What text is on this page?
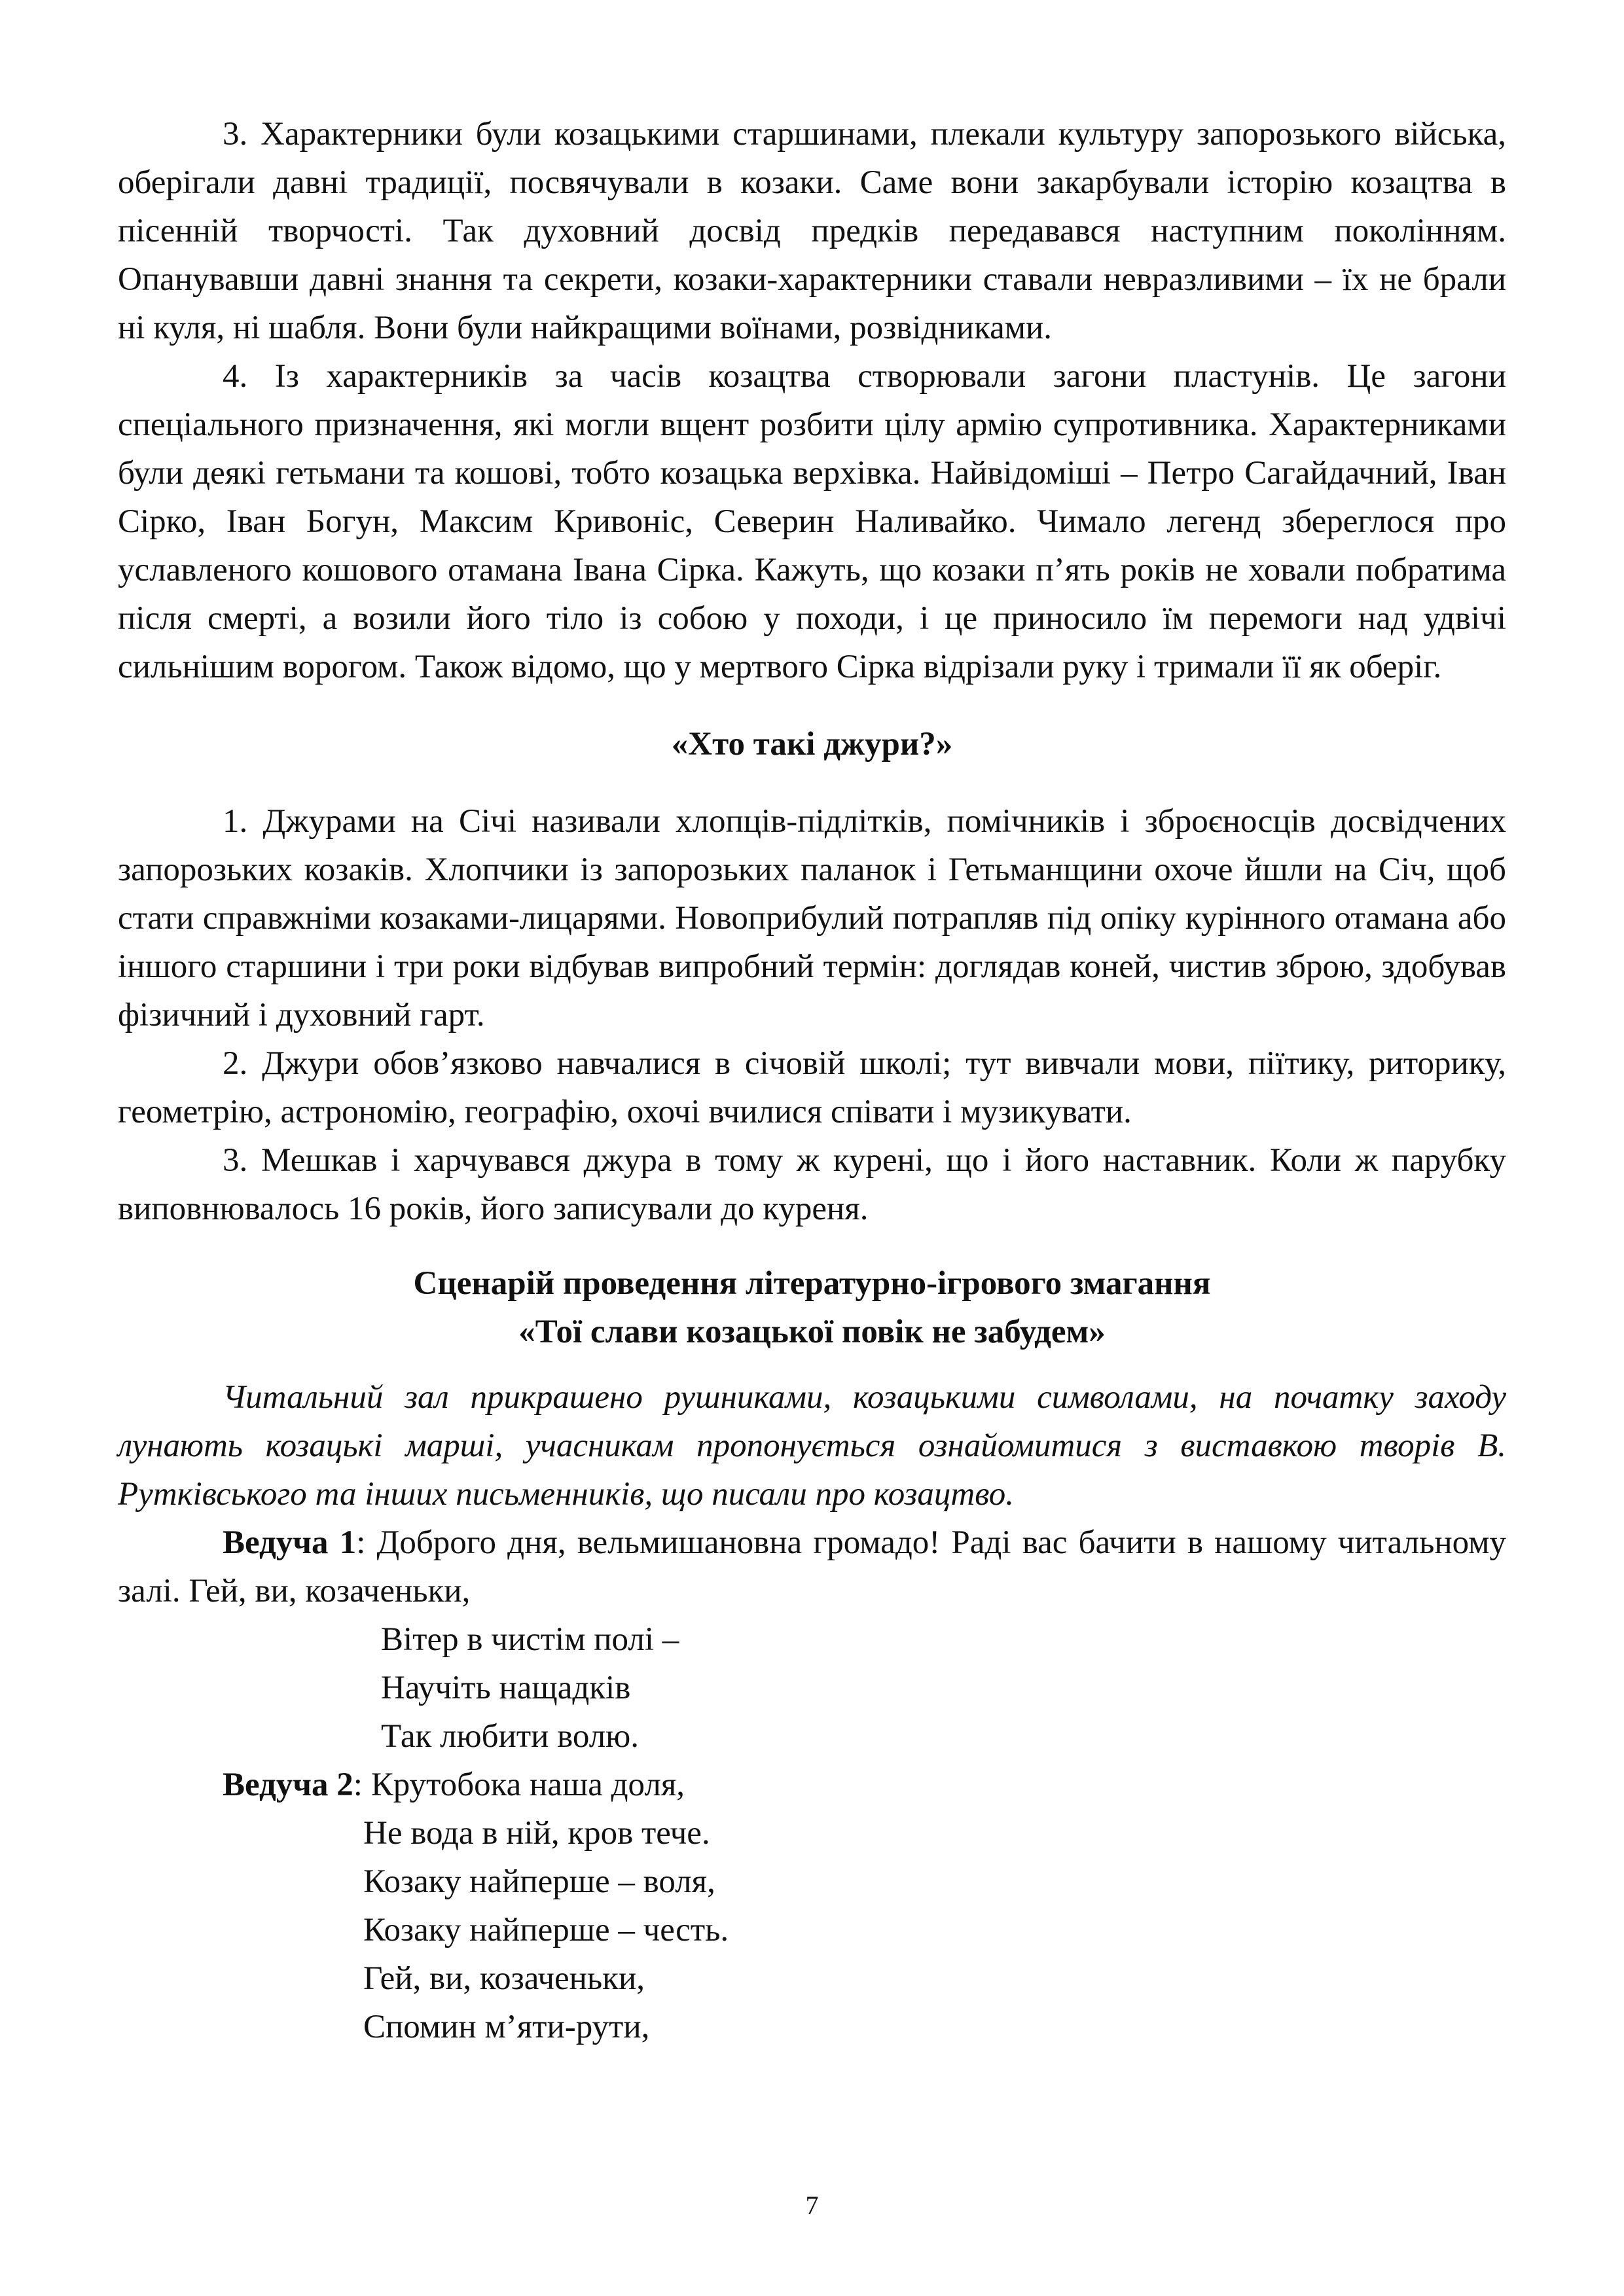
3. Характерники були козацькими старшинами, плекали культуру запорозького війська, оберігали давні традиції, посвячували в козаки. Саме вони закарбували історію козацтва в пісенній творчості. Так духовний досвід предків передавався наступним поколінням. Опанувавши давні знання та секрети, козаки-характерники ставали невразливими – їх не брали ні куля, ні шабля. Вони були найкращими воїнами, розвідниками.
4. Із характерників за часів козацтва створювали загони пластунів. Це загони спеціального призначення, які могли вщент розбити цілу армію супротивника. Характерниками були деякі гетьмани та кошові, тобто козацька верхівка. Найвідоміші – Петро Сагайдачний, Іван Сірко, Іван Богун, Максим Кривоніс, Северин Наливайко. Чимало легенд збереглося про уславленого кошового отамана Івана Сірка. Кажуть, що козаки п’ять років не ховали побратима після смерті, а возили його тіло із собою у походи, і це приносило їм перемоги над удвічі сильнішим ворогом. Також відомо, що у мертвого Сірка відрізали руку і тримали її як оберіг.
«Хто такі джури?»
1. Джурами на Січі називали хлопців-підлітків, помічників і зброєносців досвідчених запорозьких козаків. Хлопчики із запорозьких паланок і Гетьманщини охоче йшли на Січ, щоб стати справжніми козаками-лицарями. Новоприбулий потрапляв під опіку курінного отамана або іншого старшини і три роки відбував випробний термін: доглядав коней, чистив зброю, здобував фізичний і духовний гарт.
2. Джури обов’язково навчалися в січовій школі; тут вивчали мови, піїтику, риторику, геометрію, астрономію, географію, охочі вчилися співати і музикувати.
3. Мешкав і харчувався джура в тому ж курені, що і його наставник. Коли ж парубку виповнювалось 16 років, його записували до куреня.
Сценарій проведення літературно-ігрового змагання
«Тої слави козацької повік не забудем»
Читальний зал прикрашено рушниками, козацькими символами, на початку заходу лунають козацькі марші, учасникам пропонується ознайомитися з виставкою творів В. Рутківського та інших письменників, що писали про козацтво.
Ведуча 1: Доброго дня, вельмишановна громадо! Раді вас бачити в нашому читальному залі. Гей, ви, козаченьки,
Вітер в чистім полі –
Научіть нащадків
Так любити волю.
Ведуча 2: Крутобока наша доля,
Не вода в ній, кров тече.
Козаку найперше – воля,
Козаку найперше – честь.
Гей, ви, козаченьки,
Спомин м’яти-рути,
7
